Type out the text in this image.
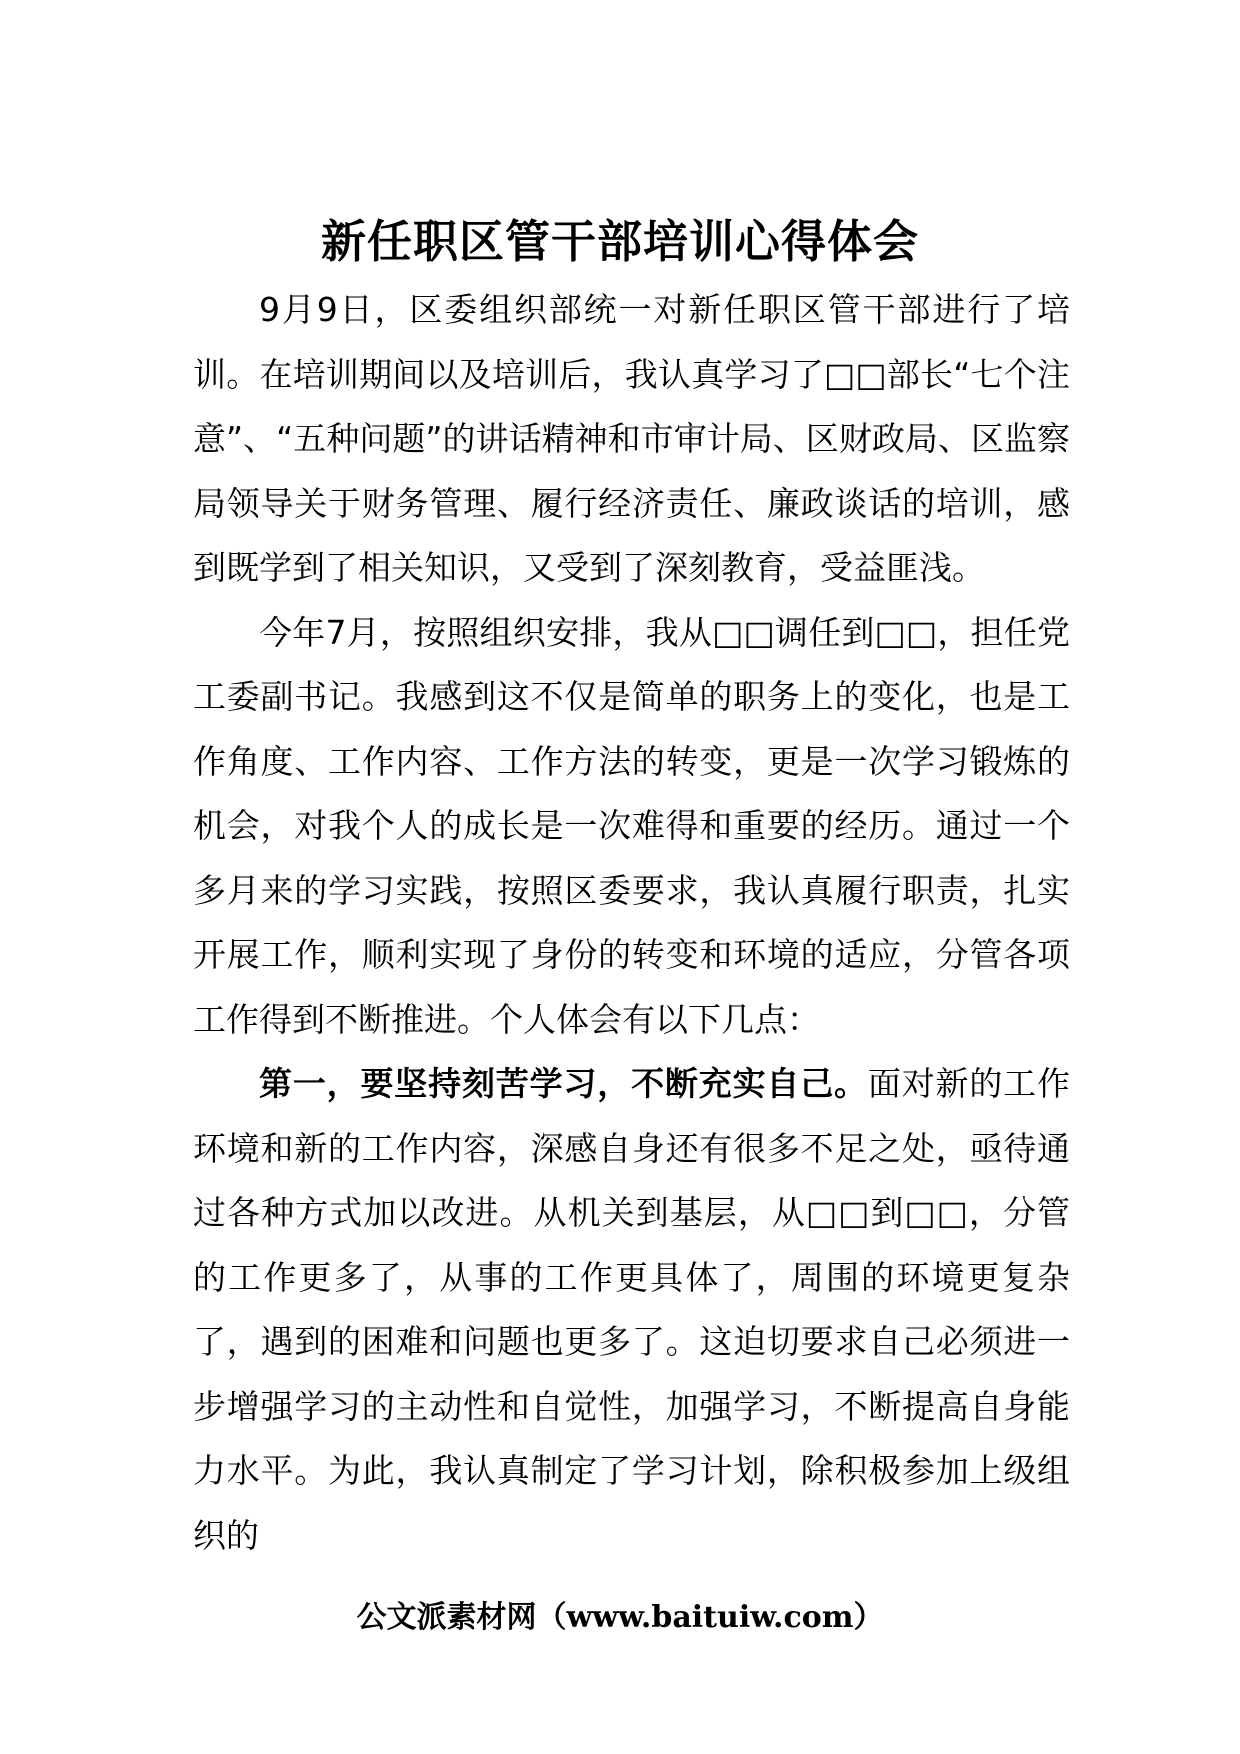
新任职区管干部培训心得体会

9月9日，区委组织部统一对新任职区管干部进行了培训。在培训期间以及培训后，我认真学习了□□部长“七个注意”、“五种问题”的讲话精神和市审计局、区财政局、区监察局领导关于财务管理、履行经济责任、廉政谈话的培训，感到既学到了相关知识，又受到了深刻教育，受益匪浅。

今年7月，按照组织安排，我从□□调任到□□，担任党工委副书记。我感到这不仅是简单的职务上的变化，也是工作角度、工作内容、工作方法的转变，更是一次学习锻炼的机会，对我个人的成长是一次难得和重要的经历。通过一个多月来的学习实践，按照区委要求，我认真履行职责，扎实开展工作，顺利实现了身份的转变和环境的适应，分管各项工作得到不断推进。个人体会有以下几点：

第一，要坚持刻苦学习，不断充实自己。面对新的工作环境和新的工作内容，深感自身还有很多不足之处，亟待通过各种方式加以改进。从机关到基层，从□□到□□，分管的工作更多了，从事的工作更具体了，周围的环境更复杂了，遇到的困难和问题也更多了。这迫切要求自己必须进一步增强学习的主动性和自觉性，加强学习，不断提高自身能力水平。为此，我认真制定了学习计划，除积极参加上级组织的

公文派素材网（www.baituiw.com）
